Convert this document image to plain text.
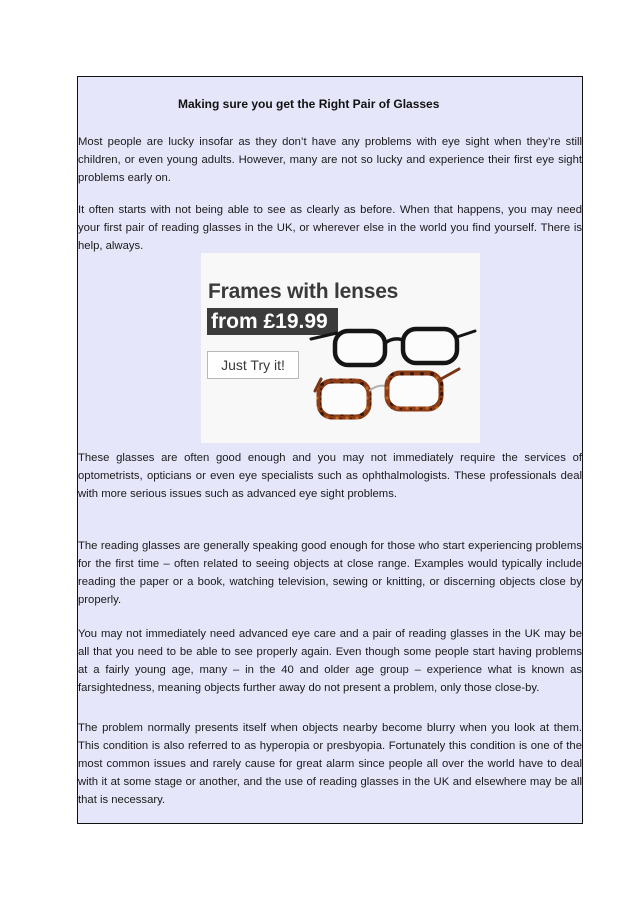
Making sure you get the Right Pair of Glasses

Most people are lucky insofar as they don’t have any problems with eye sight when they’re still children, or even young adults. However, many are not so lucky and experience their first eye sight problems early on.

It often starts with not being able to see as clearly as before. When that happens, you may need your first pair of reading glasses in the UK, or wherever else in the world you find yourself. There is help, always.

Frames with lenses
from £19.99
Just Try it!

These glasses are often good enough and you may not immediately require the services of optometrists, opticians or even eye specialists such as ophthalmologists. These professionals deal with more serious issues such as advanced eye sight problems.

The reading glasses are generally speaking good enough for those who start experiencing problems for the first time – often related to seeing objects at close range. Examples would typically include reading the paper or a book, watching television, sewing or knitting, or discerning objects close by properly.

You may not immediately need advanced eye care and a pair of reading glasses in the UK may be all that you need to be able to see properly again. Even though some people start having problems at a fairly young age, many – in the 40 and older age group – experience what is known as farsightedness, meaning objects further away do not present a problem, only those close-by.

The problem normally presents itself when objects nearby become blurry when you look at them. This condition is also referred to as hyperopia or presbyopia. Fortunately this condition is one of the most common issues and rarely cause for great alarm since people all over the world have to deal with it at some stage or another, and the use of reading glasses in the UK and elsewhere may be all that is necessary.
